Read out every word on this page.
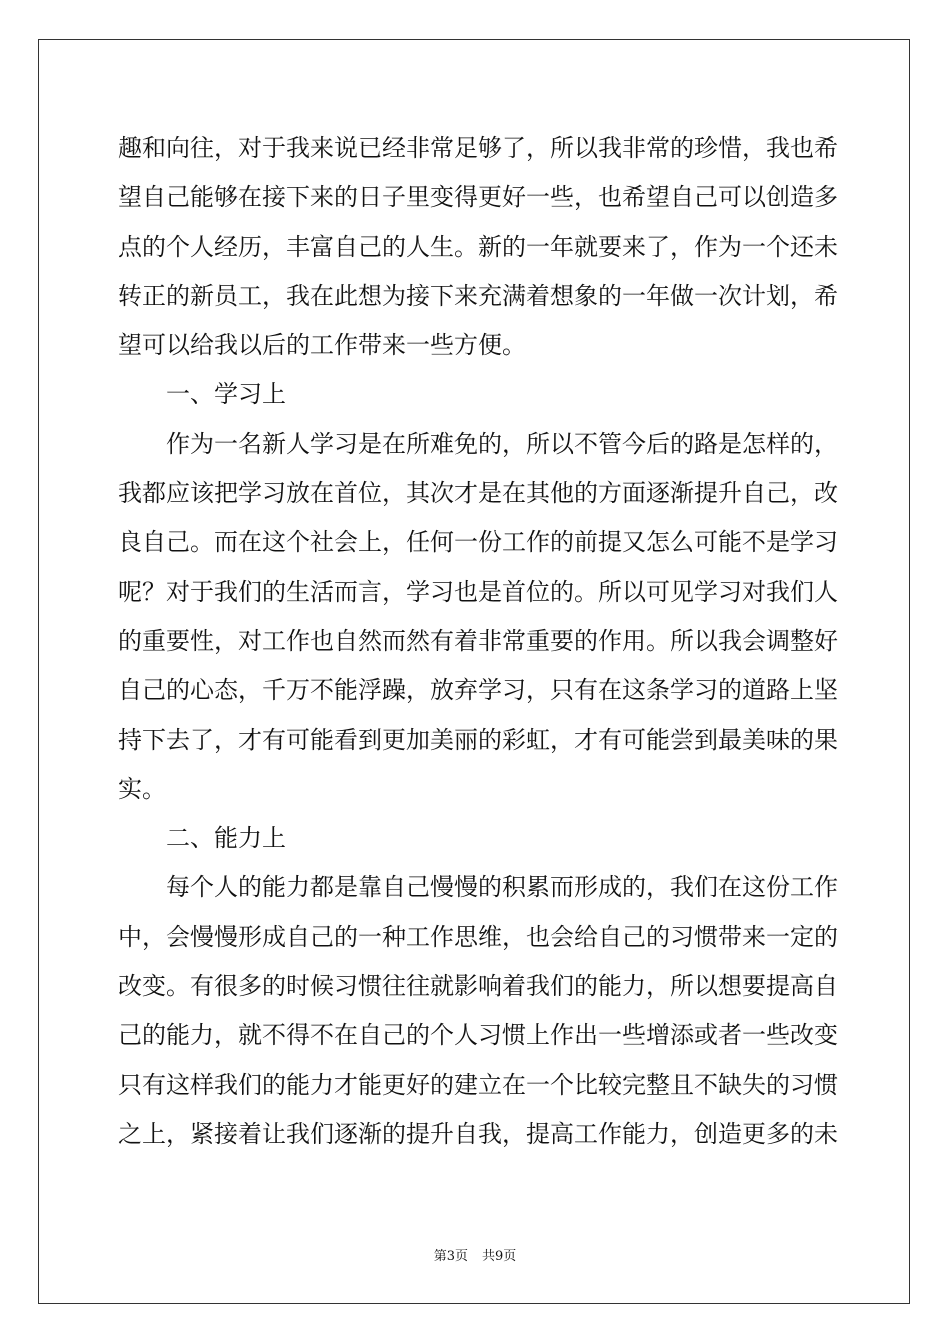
趣和向往，对于我来说已经非常足够了，所以我非常的珍惜，我也希
望自己能够在接下来的日子里变得更好一些，也希望自己可以创造多
点的个人经历，丰富自己的人生。新的一年就要来了，作为一个还未
转正的新员工，我在此想为接下来充满着想象的一年做一次计划，希
望可以给我以后的工作带来一些方便。
一、学习上
作为一名新人学习是在所难免的，所以不管今后的路是怎样的，
我都应该把学习放在首位，其次才是在其他的方面逐渐提升自己，改
良自己。而在这个社会上，任何一份工作的前提又怎么可能不是学习
呢？对于我们的生活而言，学习也是首位的。所以可见学习对我们人
的重要性，对工作也自然而然有着非常重要的作用。所以我会调整好
自己的心态，千万不能浮躁，放弃学习，只有在这条学习的道路上坚
持下去了，才有可能看到更加美丽的彩虹，才有可能尝到最美味的果
实。
二、能力上
每个人的能力都是靠自己慢慢的积累而形成的，我们在这份工作
中，会慢慢形成自己的一种工作思维，也会给自己的习惯带来一定的
改变。有很多的时候习惯往往就影响着我们的能力，所以想要提高自
己的能力，就不得不在自己的个人习惯上作出一些增添或者一些改变
只有这样我们的能力才能更好的建立在一个比较完整且不缺失的习惯
之上，紧接着让我们逐渐的提升自我，提高工作能力，创造更多的未
第3页 共9页
